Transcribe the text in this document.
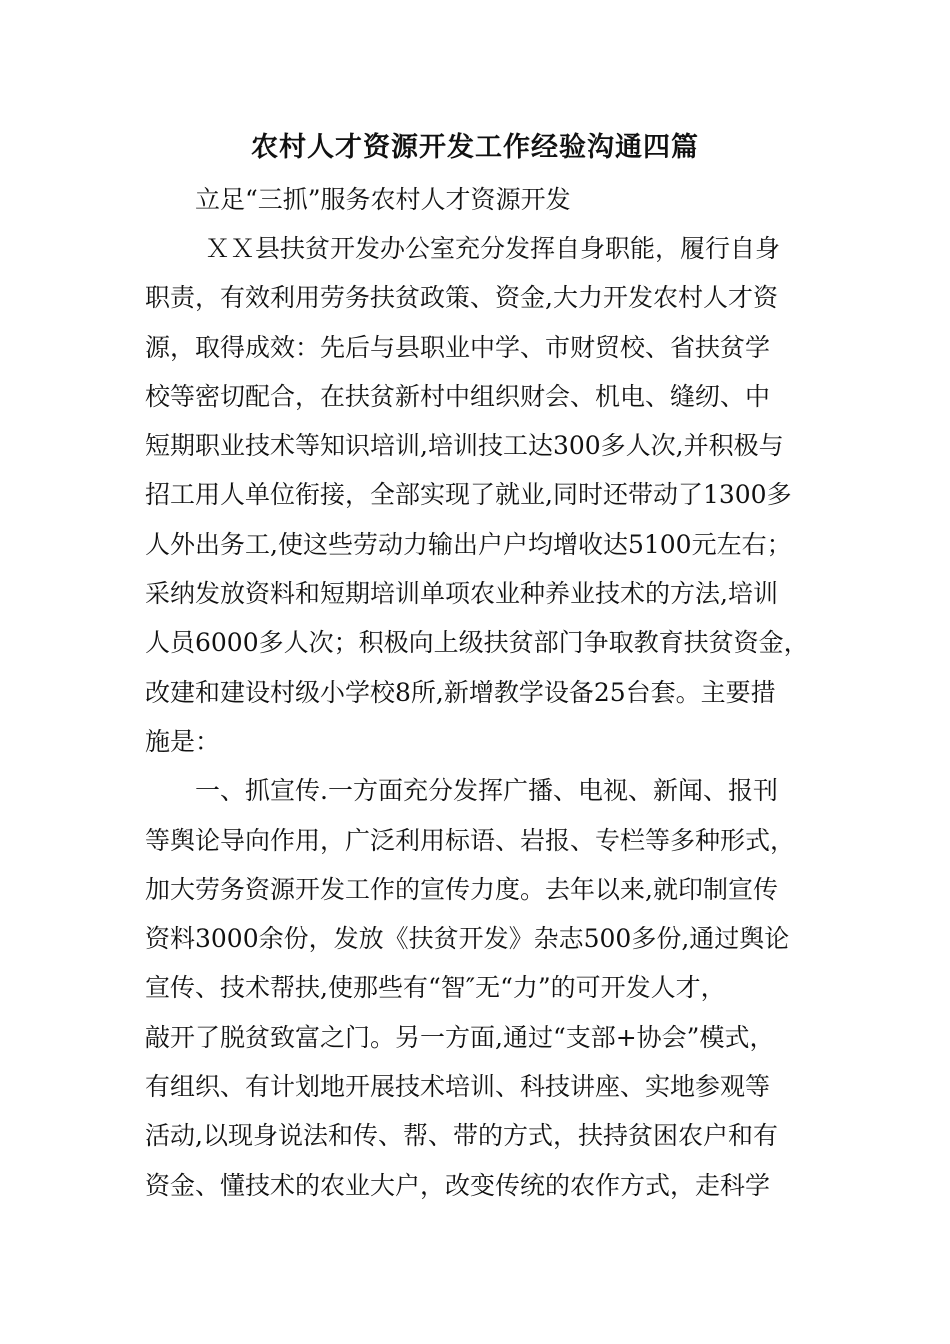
农村人才资源开发工作经验沟通四篇

立足“三抓”服务农村人才资源开发

ＸＸ县扶贫开发办公室充分发挥自身职能，履行自身
职责，有效利用劳务扶贫政策、资金,大力开发农村人才资
源，取得成效：先后与县职业中学、市财贸校、省扶贫学
校等密切配合，在扶贫新村中组织财会、机电、缝纫、中
短期职业技术等知识培训,培训技工达300多人次,并积极与
招工用人单位衔接，全部实现了就业,同时还带动了1300多
人外出务工,使这些劳动力输出户户均增收达5100元左右；
采纳发放资料和短期培训单项农业种养业技术的方法,培训
人员6000多人次；积极向上级扶贫部门争取教育扶贫资金，
改建和建设村级小学校8所,新增教学设备25台套。主要措
施是：
一、抓宣传.一方面充分发挥广播、电视、新闻、报刊
等舆论导向作用，广泛利用标语、岩报、专栏等多种形式，
加大劳务资源开发工作的宣传力度。去年以来,就印制宣传
资料3000余份，发放《扶贫开发》杂志500多份,通过舆论
宣传、技术帮扶,使那些有“智″无“力”的可开发人才，
敲开了脱贫致富之门。另一方面,通过“支部+协会”模式，
有组织、有计划地开展技术培训、科技讲座、实地参观等
活动,以现身说法和传、帮、带的方式，扶持贫困农户和有
资金、懂技术的农业大户，改变传统的农作方式，走科学
